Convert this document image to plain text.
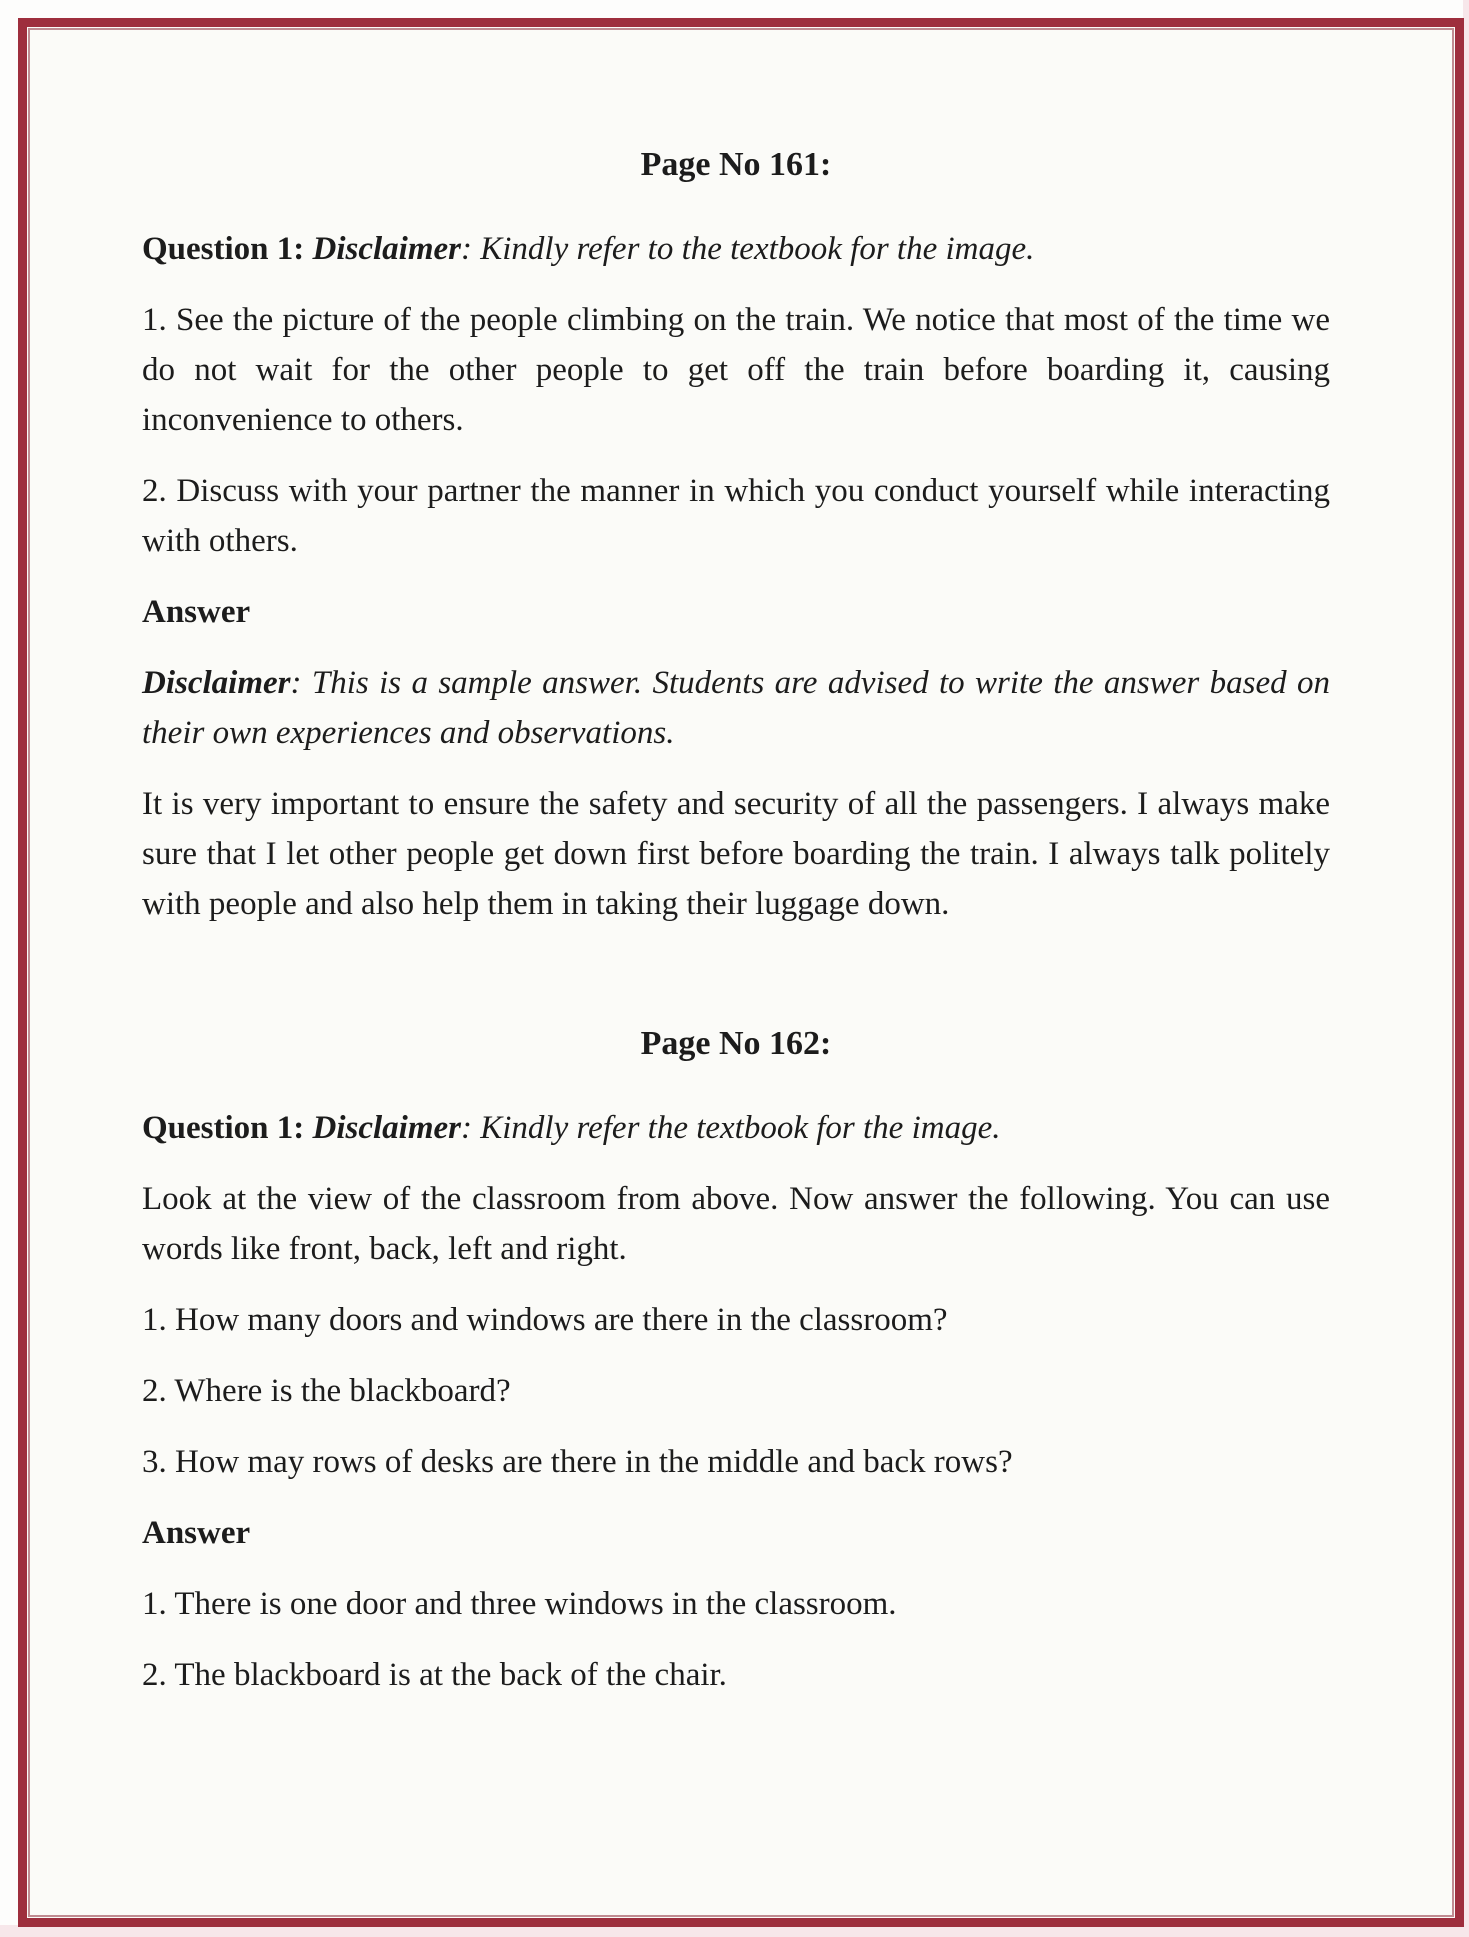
Page No 161:

Question 1: Disclaimer: Kindly refer to the textbook for the image.

1. See the picture of the people climbing on the train. We notice that most of the time we do not wait for the other people to get off the train before boarding it, causing inconvenience to others.

2. Discuss with your partner the manner in which you conduct yourself while interacting with others.

Answer

Disclaimer: This is a sample answer. Students are advised to write the answer based on their own experiences and observations.

It is very important to ensure the safety and security of all the passengers. I always make sure that I let other people get down first before boarding the train. I always talk politely with people and also help them in taking their luggage down.

Page No 162:

Question 1: Disclaimer: Kindly refer the textbook for the image.

Look at the view of the classroom from above. Now answer the following. You can use words like front, back, left and right.

1. How many doors and windows are there in the classroom?

2. Where is the blackboard?

3. How may rows of desks are there in the middle and back rows?

Answer

1. There is one door and three windows in the classroom.

2. The blackboard is at the back of the chair.
